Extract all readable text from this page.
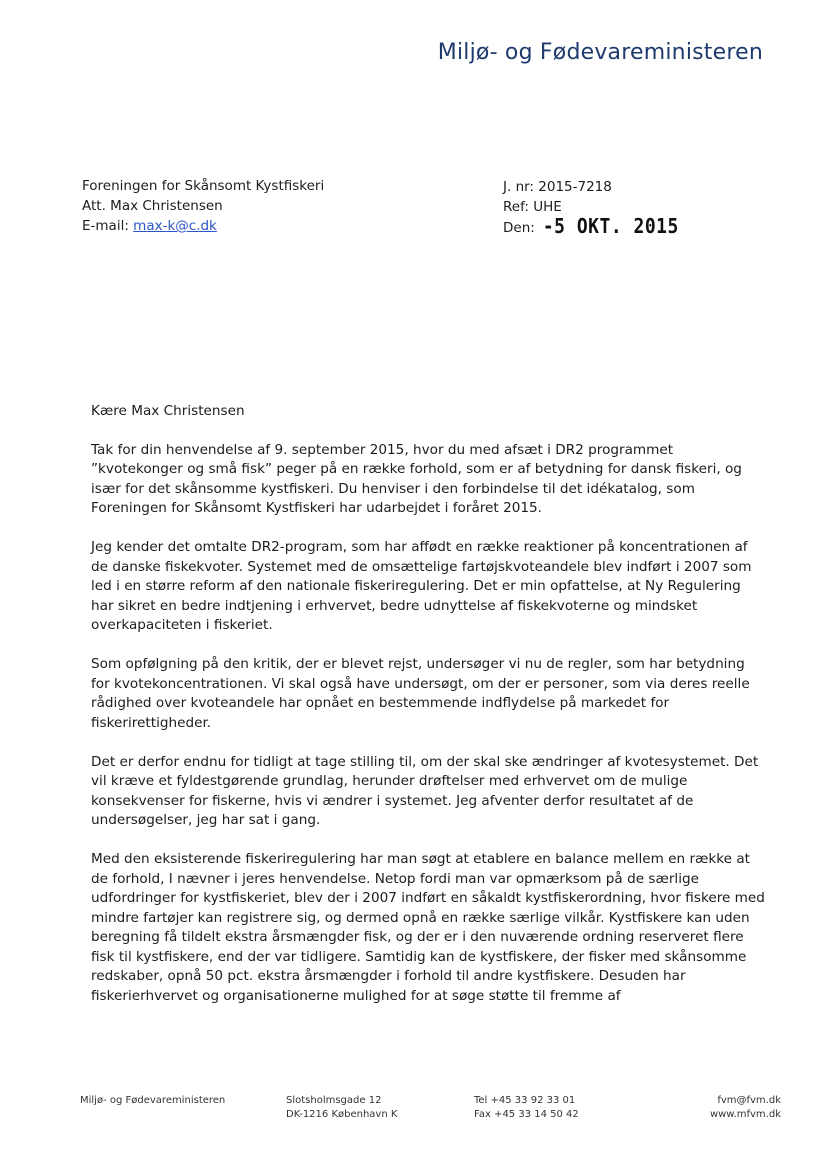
Miljø- og Fødevareministeren
Foreningen for Skånsomt Kystfiskeri
Att. Max Christensen
E-mail: max-k@c.dk
J. nr: 2015-7218
Ref: UHE
Den: -5 OKT. 2015

Kære Max Christensen

Tak for din henvendelse af 9. september 2015, hvor du med afsæt i DR2 programmet ”kvotekonger og små fisk” peger på en række forhold, som er af betydning for dansk fiskeri, og især for det skånsomme kystfiskeri. Du henviser i den forbindelse til det idékatalog, som Foreningen for Skånsomt Kystfiskeri har udarbejdet i foråret 2015.

Jeg kender det omtalte DR2-program, som har affødt en række reaktioner på koncentrationen af de danske fiskekvoter. Systemet med de omsættelige fartøjskvoteandele blev indført i 2007 som led i en større reform af den nationale fiskeriregulering. Det er min opfattelse, at Ny Regulering har sikret en bedre indtjening i erhvervet, bedre udnyttelse af fiskekvoterne og mindsket overkapaciteten i fiskeriet.

Som opfølgning på den kritik, der er blevet rejst, undersøger vi nu de regler, som har betydning for kvotekoncentrationen. Vi skal også have undersøgt, om der er personer, som via deres reelle rådighed over kvoteandele har opnået en bestemmende indflydelse på markedet for fiskerirettigheder.

Det er derfor endnu for tidligt at tage stilling til, om der skal ske ændringer af kvotesystemet. Det vil kræve et fyldestgørende grundlag, herunder drøftelser med erhvervet om de mulige konsekvenser for fiskerne, hvis vi ændrer i systemet. Jeg afventer derfor resultatet af de undersøgelser, jeg har sat i gang.

Med den eksisterende fiskeriregulering har man søgt at etablere en balance mellem en række at de forhold, I nævner i jeres henvendelse. Netop fordi man var opmærksom på de særlige udfordringer for kystfiskeriet, blev der i 2007 indført en såkaldt kystfiskerordning, hvor fiskere med mindre fartøjer kan registrere sig, og dermed opnå en række særlige vilkår. Kystfiskere kan uden beregning få tildelt ekstra årsmængder fisk, og der er i den nuværende ordning reserveret flere fisk til kystfiskere, end der var tidligere. Samtidig kan de kystfiskere, der fisker med skånsomme redskaber, opnå 50 pct. ekstra årsmængder i forhold til andre kystfiskere. Desuden har fiskerierhvervet og organisationerne mulighed for at søge støtte til fremme af

Miljø- og Fødevareministeren	Slotsholmsgade 12
DK-1216 København K
Tel +45 33 92 33 01
Fax +45 33 14 50 42
fvm@fvm.dk
www.mfvm.dk
